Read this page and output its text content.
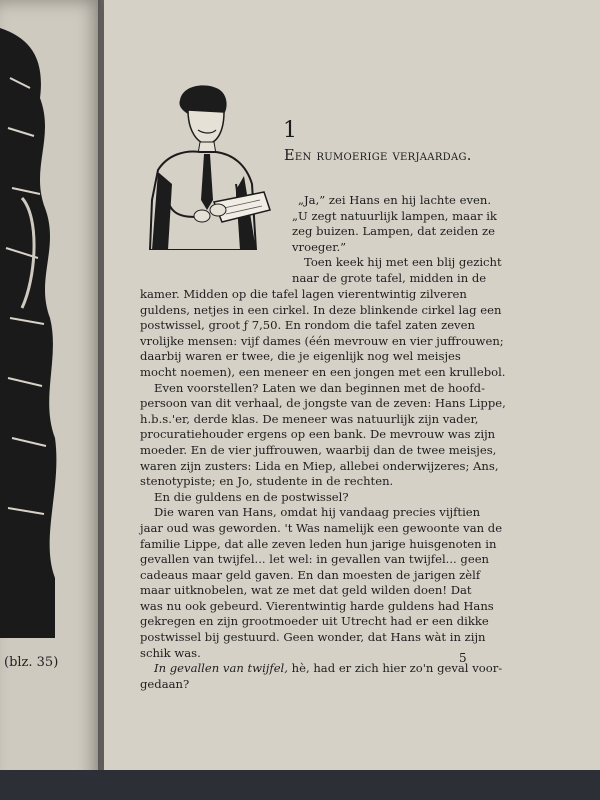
(blz. 35)
1
Een rumoerige verjaardag.
„Ja,” zei Hans en hij lachte even.
„U zegt natuurlijk lampen, maar ik
zeg buizen. Lampen, dat zeiden ze
vroeger.”
Toen keek hij met een blij gezicht
naar de grote tafel, midden in de
kamer. Midden op die tafel lagen vierentwintig zilveren
guldens, netjes in een cirkel. In deze blinkende cirkel lag een
postwissel, groot ƒ 7,50. En rondom die tafel zaten zeven
vrolijke mensen: vijf dames (één mevrouw en vier juffrouwen;
daarbij waren er twee, die je eigenlijk nog wel meisjes
mocht noemen), een meneer en een jongen met een krullebol.
Even voorstellen? Laten we dan beginnen met de hoofd-
persoon van dit verhaal, de jongste van de zeven: Hans Lippe,
h.b.s.'er, derde klas. De meneer was natuurlijk zijn vader,
procuratiehouder ergens op een bank. De mevrouw was zijn
moeder. En de vier juffrouwen, waarbij dan de twee meisjes,
waren zijn zusters: Lida en Miep, allebei onderwijzeres; Ans,
stenotypiste; en Jo, studente in de rechten.
En die guldens en de postwissel?
Die waren van Hans, omdat hij vandaag precies vijftien
jaar oud was geworden. 't Was namelijk een gewoonte van de
familie Lippe, dat alle zeven leden hun jarige huisgenoten in
gevallen van twijfel... let wel: in gevallen van twijfel... geen
cadeaus maar geld gaven. En dan moesten de jarigen zèlf
maar uitknobelen, wat ze met dat geld wilden doen! Dat
was nu ook gebeurd. Vierentwintig harde guldens had Hans
gekregen en zijn grootmoeder uit Utrecht had er een dikke
postwissel bij gestuurd. Geen wonder, dat Hans wàt in zijn
schik was.
In gevallen van twijfel, hè, had er zich hier zo'n geval voor-
gedaan?
5
